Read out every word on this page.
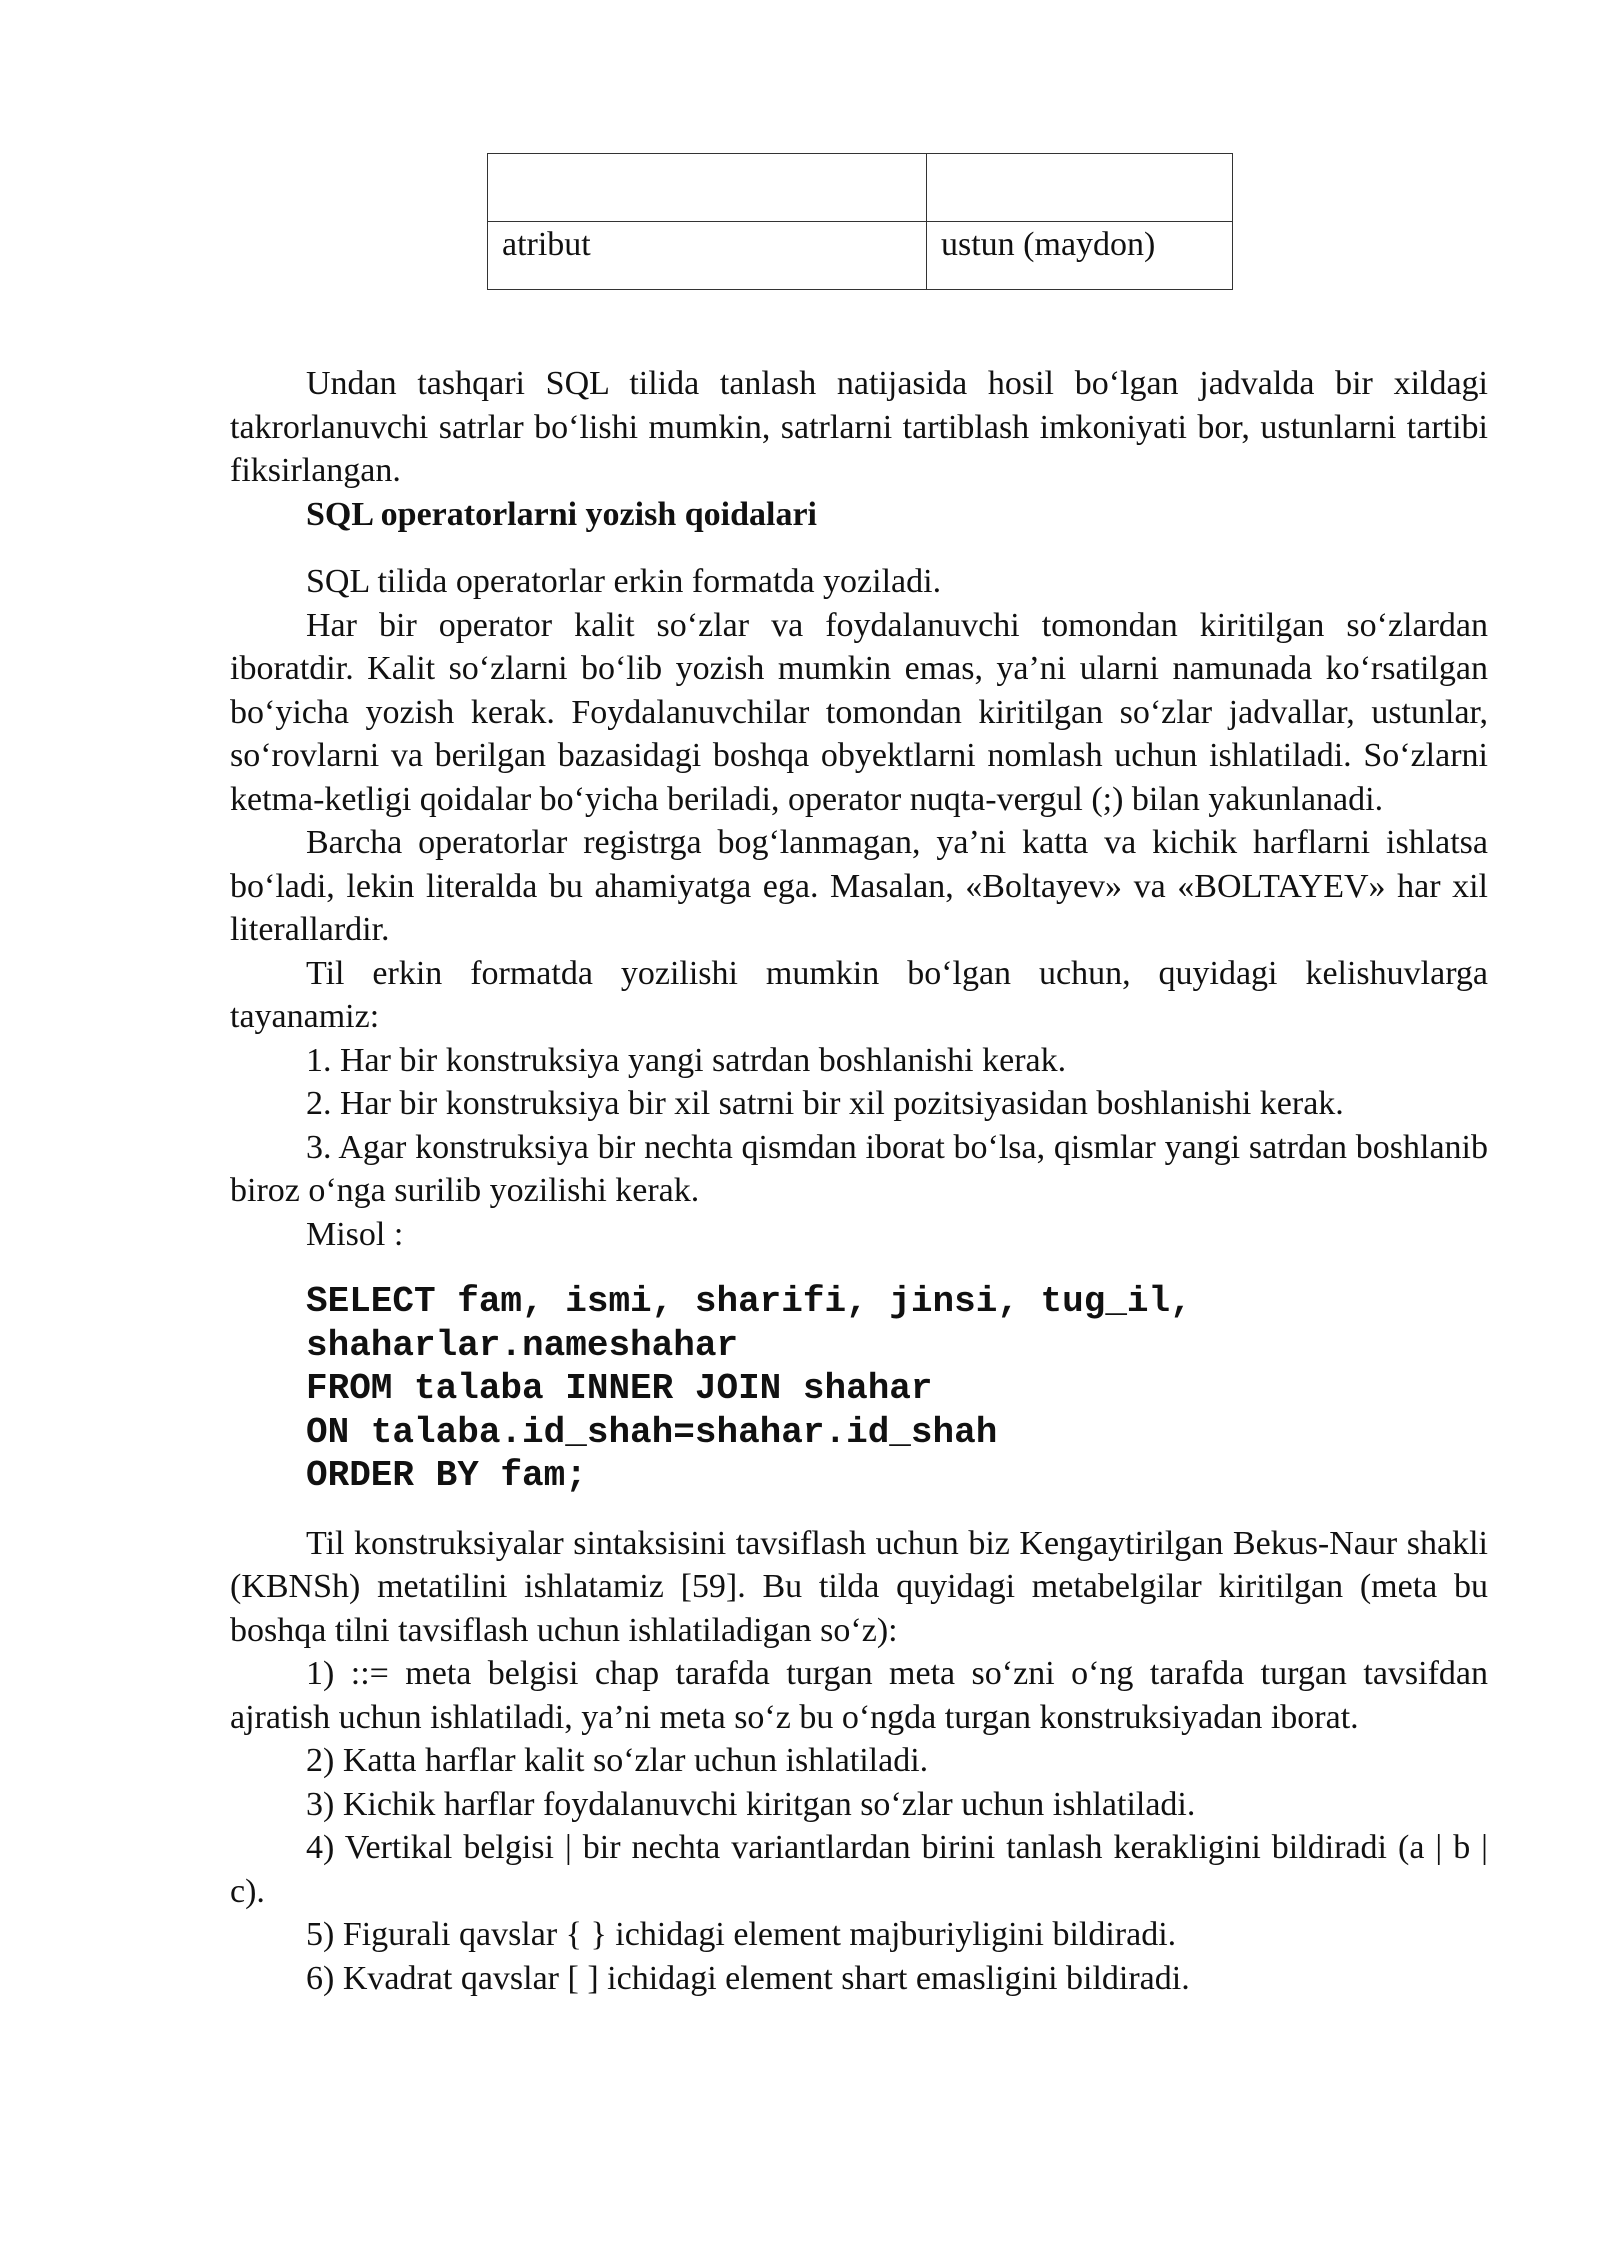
atribut	ustun (maydon)

Undan tashqari SQL tilida tanlash natijasida hosil bo‘lgan jadvalda bir xildagi takrorlanuvchi satrlar bo‘lishi mumkin, satrlarni tartiblash imkoniyati bor, ustunlarni tartibi fiksirlangan.

SQL operatorlarni yozish qoidalari

SQL tilida operatorlar erkin formatda yoziladi.

Har bir operator kalit so‘zlar va foydalanuvchi tomondan kiritilgan so‘zlardan iboratdir. Kalit so‘zlarni bo‘lib yozish mumkin emas, ya’ni ularni namunada ko‘rsatilgan bo‘yicha yozish kerak. Foydalanuvchilar tomondan kiritilgan so‘zlar jadvallar, ustunlar, so‘rovlarni va berilgan bazasidagi boshqa obyektlarni nomlash uchun ishlatiladi. So‘zlarni ketma-ketligi qoidalar bo‘yicha beriladi, operator nuqta-vergul (;) bilan yakunlanadi.

Barcha operatorlar registrga bog‘lanmagan, ya’ni katta va kichik harflarni ishlatsa bo‘ladi, lekin literalda bu ahamiyatga ega. Masalan, «Boltayev» va «BOLTAYEV» har xil literallardir.

Til erkin formatda yozilishi mumkin bo‘lgan uchun, quyidagi kelishuvlarga tayanamiz:

1. Har bir konstruksiya yangi satrdan boshlanishi kerak.

2. Har bir konstruksiya bir xil satrni bir xil pozitsiyasidan boshlanishi kerak.

3. Agar konstruksiya bir nechta qismdan iborat bo‘lsa, qismlar yangi satrdan boshlanib biroz o‘nga surilib yozilishi kerak.

Misol :

SELECT fam, ismi, sharifi, jinsi, tug_il,
shaharlar.nameshahar
FROM talaba INNER JOIN shahar
ON talaba.id_shah=shahar.id_shah
ORDER BY fam;

Til konstruksiyalar sintaksisini tavsiflash uchun biz Kengaytirilgan Bekus-Naur shakli (KBNSh) metatilini ishlatamiz [59]. Bu tilda quyidagi metabelgilar kiritilgan (meta bu boshqa tilni tavsiflash uchun ishlatiladigan so‘z):

1) ::= meta belgisi chap tarafda turgan meta so‘zni o‘ng tarafda turgan tavsifdan ajratish uchun ishlatiladi, ya’ni meta so‘z bu o‘ngda turgan konstruksiyadan iborat.

2) Katta harflar kalit so‘zlar uchun ishlatiladi.

3) Kichik harflar foydalanuvchi kiritgan so‘zlar uchun ishlatiladi.

4) Vertikal belgisi | bir nechta variantlardan birini tanlash kerakligini bildiradi (a | b | c).

5) Figurali qavslar { } ichidagi element majburiyligini bildiradi.

6) Kvadrat qavslar [ ] ichidagi element shart emasligini bildiradi.
